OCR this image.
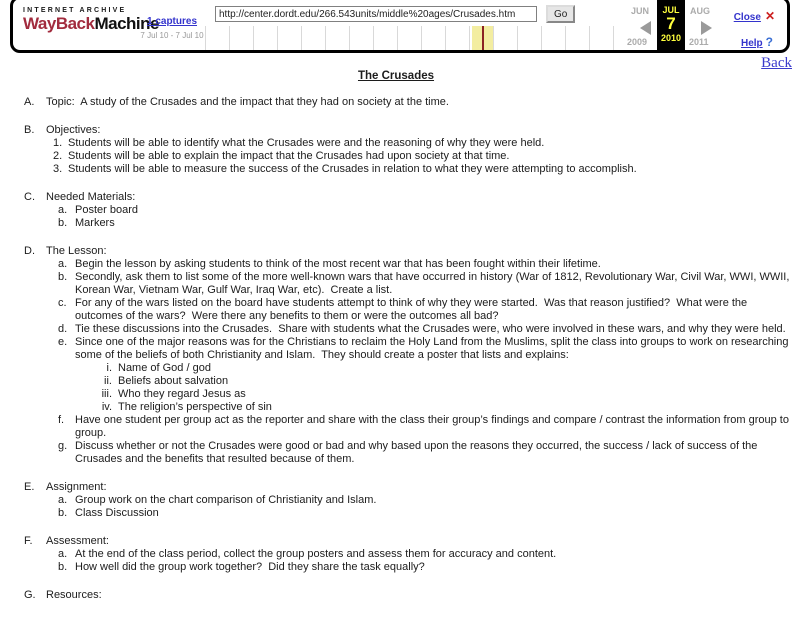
INTERNET ARCHIVE
WayBackMachine
1 captures
7 Jul 10 - 7 Jul 10
http://center.dordt.edu/266.543units/middle%20ages/Crusades.htm
Go	JUN	AUG
JUL
7
2010
2009	2011
Close ✕
Help ?
Back
The Crusades
A.	Topic:  A study of the Crusades and the impact that they had on society at the time.
B.	Objectives:
1. Students will be able to identify what the Crusades were and the reasoning of why they were held.
2. Students will be able to explain the impact that the Crusades had upon society at that time.
3. Students will be able to measure the success of the Crusades in relation to what they were attempting to accomplish.
C.	Needed Materials:
a. Poster board
b. Markers
D.	The Lesson:
a. Begin the lesson by asking students to think of the most recent war that has been fought within their lifetime.
b. Secondly, ask them to list some of the more well-known wars that have occurred in history (War of 1812, Revolutionary War, Civil War, WWI, WWII, Korean War, Vietnam War, Gulf War, Iraq War, etc).  Create a list.
c. For any of the wars listed on the board have students attempt to think of why they were started.  Was that reason justified?  What were the outcomes of the wars?  Were there any benefits to them or were the outcomes all bad?
d. Tie these discussions into the Crusades.  Share with students what the Crusades were, who were involved in these wars, and why they were held.
e. Since one of the major reasons was for the Christians to reclaim the Holy Land from the Muslims, split the class into groups to work on researching some of the beliefs of both Christianity and Islam.  They should create a poster that lists and explains:
i. Name of God / god
ii. Beliefs about salvation
iii. Who they regard Jesus as
iv. The religion’s perspective of sin
f. Have one student per group act as the reporter and share with the class their group’s findings and compare / contrast the information from group to group.
g. Discuss whether or not the Crusades were good or bad and why based upon the reasons they occurred, the success / lack of success of the Crusades and the benefits that resulted because of them.
E.	Assignment:
a. Group work on the chart comparison of Christianity and Islam.
b. Class Discussion
F.	Assessment:
a. At the end of the class period, collect the group posters and assess them for accuracy and content.
b. How well did the group work together?  Did they share the task equally?
G. Resources:
